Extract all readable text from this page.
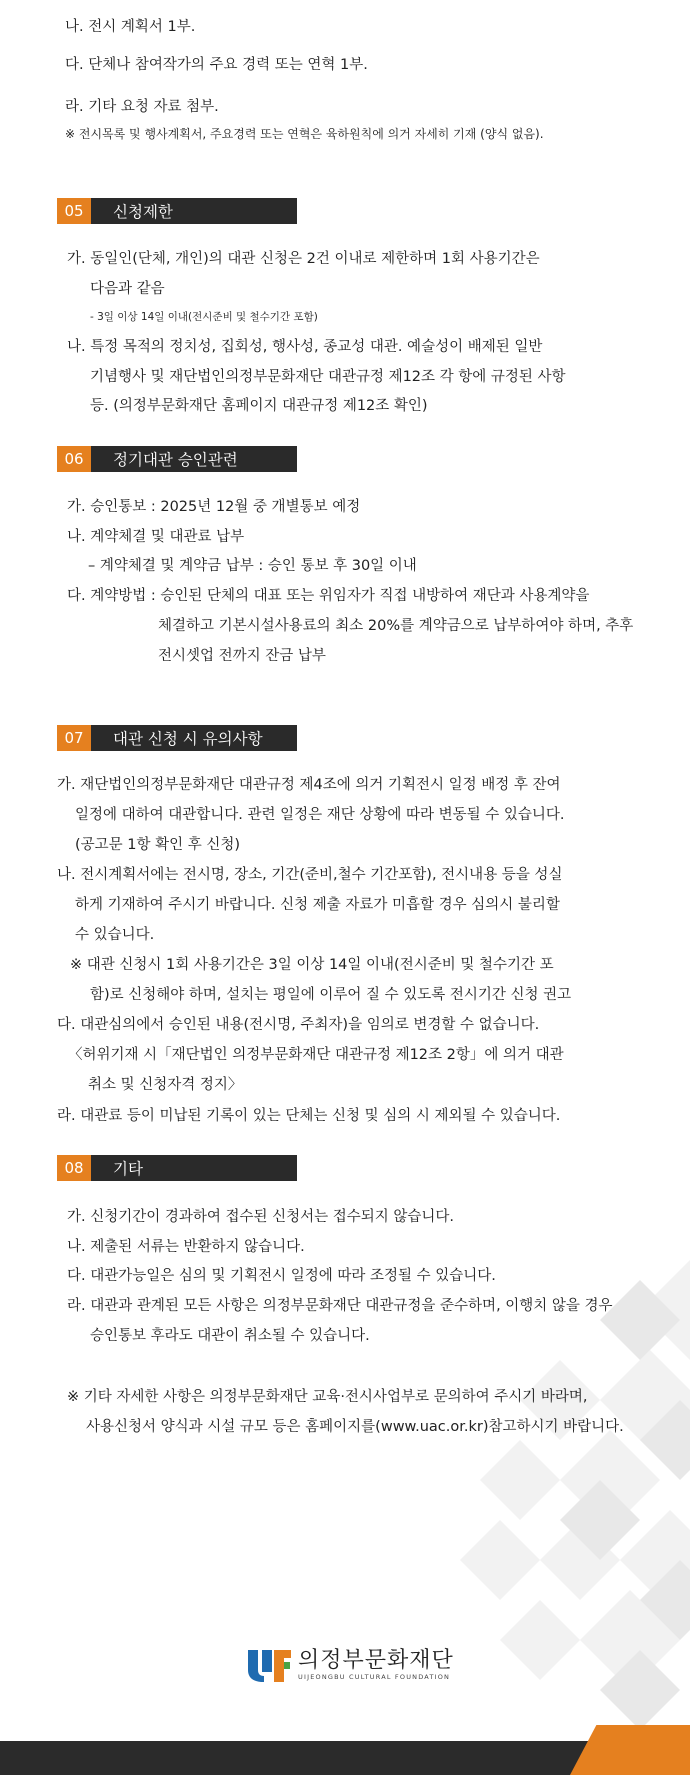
나. 전시 계획서 1부.
다. 단체나 참여작가의 주요 경력 또는 연혁 1부.
라. 기타 요청 자료 첨부.
※ 전시목록 및 행사계획서, 주요경력 또는 연혁은 육하원칙에 의거 자세히 기재 (양식 없음).
05	신청제한
가. 동일인(단체, 개인)의 대관 신청은 2건 이내로 제한하며 1회 사용기간은
다음과 같음
- 3일 이상 14일 이내(전시준비 및 철수기간 포함)
나. 특정 목적의 정치성, 집회성, 행사성, 종교성 대관. 예술성이 배제된 일반
기념행사 및 재단법인의정부문화재단 대관규정 제12조 각 항에 규정된 사항
등. (의정부문화재단 홈페이지 대관규정 제12조 확인)
06	정기대관 승인관련
가. 승인통보 : 2025년 12월 중 개별통보 예정
나. 계약체결 및 대관료 납부
– 계약체결 및 계약금 납부 : 승인 통보 후 30일 이내
다. 계약방법 : 승인된 단체의 대표 또는 위임자가 직접 내방하여 재단과 사용계약을
체결하고 기본시설사용료의 최소 20%를 계약금으로 납부하여야 하며, 추후
전시셋업 전까지 잔금 납부
07	대관 신청 시 유의사항
가. 재단법인의정부문화재단 대관규정 제4조에 의거 기획전시 일정 배정 후 잔여
일정에 대하여 대관합니다. 관련 일정은 재단 상황에 따라 변동될 수 있습니다.
(공고문 1항 확인 후 신청)
나. 전시계획서에는 전시명, 장소, 기간(준비,철수 기간포함), 전시내용 등을 성실
하게 기재하여 주시기 바랍니다. 신청 제출 자료가 미흡할 경우 심의시 불리할
수 있습니다.
※ 대관 신청시 1회 사용기간은 3일 이상 14일 이내(전시준비 및 철수기간 포
함)로 신청해야 하며, 설치는 평일에 이루어 질 수 있도록 전시기간 신청 권고
다. 대관심의에서 승인된 내용(전시명, 주최자)을 임의로 변경할 수 없습니다.
〈허위기재 시「재단법인 의정부문화재단 대관규정 제12조 2항」에 의거 대관
취소 및 신청자격 정지〉
라. 대관료 등이 미납된 기록이 있는 단체는 신청 및 심의 시 제외될 수 있습니다.
08	기타
가. 신청기간이 경과하여 접수된 신청서는 접수되지 않습니다.
나. 제출된 서류는 반환하지 않습니다.
다. 대관가능일은 심의 및 기획전시 일정에 따라 조정될 수 있습니다.
라. 대관과 관계된 모든 사항은 의정부문화재단 대관규정을 준수하며, 이행치 않을 경우
승인통보 후라도 대관이 취소될 수 있습니다.
※ 기타 자세한 사항은 의정부문화재단 교육·전시사업부로 문의하여 주시기 바라며,
사용신청서 양식과 시설 규모 등은 홈페이지를(www.uac.or.kr)참고하시기 바랍니다.
의정부문화재단
UIJEONGBU CULTURAL FOUNDATION
